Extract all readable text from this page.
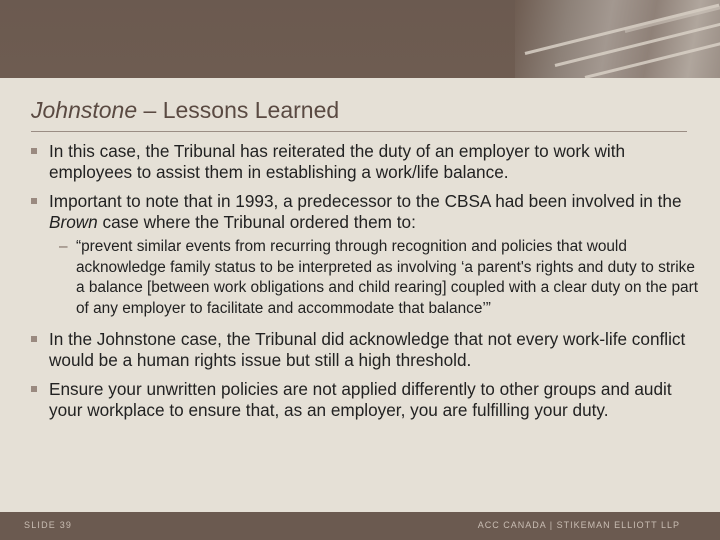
Johnstone – Lessons Learned
In this case, the Tribunal has reiterated the duty of an employer to work with employees to assist them in establishing a work/life balance.
Important to note that in 1993, a predecessor to the CBSA had been involved in the Brown case where the Tribunal ordered them to:
– “prevent similar events from recurring through recognition and policies that would acknowledge family status to be interpreted as involving ‘a parent's rights and duty to strike a balance [between work obligations and child rearing] coupled with a clear duty on the part of any employer to facilitate and accommodate that balance’”
In the Johnstone case, the Tribunal did acknowledge that not every work-life conflict would be a human rights issue but still a high threshold.
Ensure your unwritten policies are not applied differently to other groups and audit your workplace to ensure that, as an employer, you are fulfilling your duty.
SLIDE 39	ACC CANADA | STIKEMAN ELLIOTT LLP
